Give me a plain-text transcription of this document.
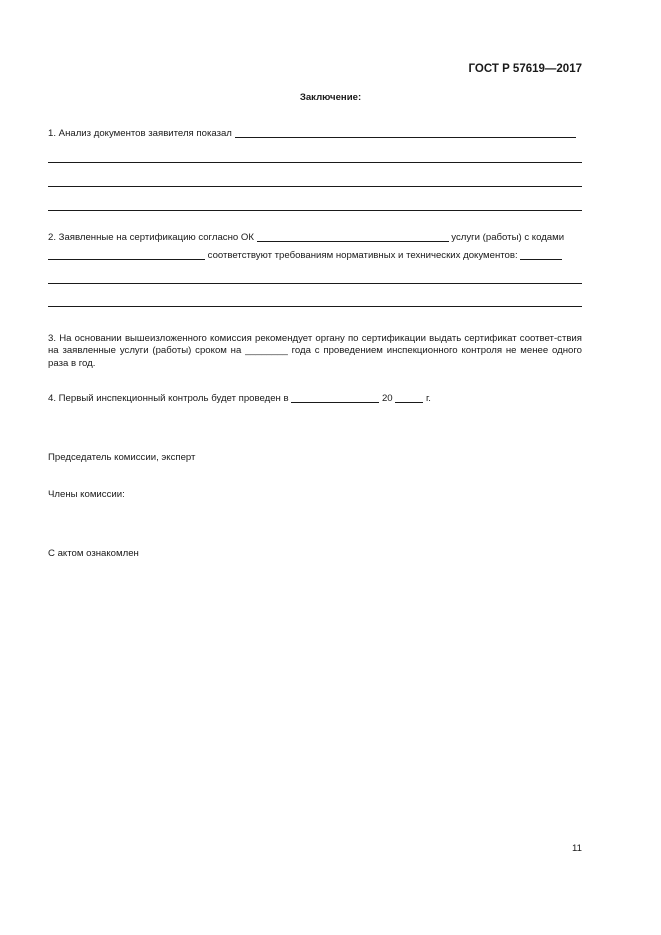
ГОСТ Р 57619—2017
Заключение:
1. Анализ документов заявителя показал
2. Заявленные на сертификацию согласно ОК	услуги (работы) с кодами
соответствуют требованиям нормативных и технических документов:
3. На основании вышеизложенного комиссия рекомендует органу по сертификации выдать сертификат соответ-ствия на заявленные услуги (работы) сроком на ________ года с проведением инспекционного контроля не менее одного раза в год.
4. Первый инспекционный контроль будет проведен в	20	г.
Председатель комиссии, эксперт
Члены комиссии:
С актом ознакомлен
11
